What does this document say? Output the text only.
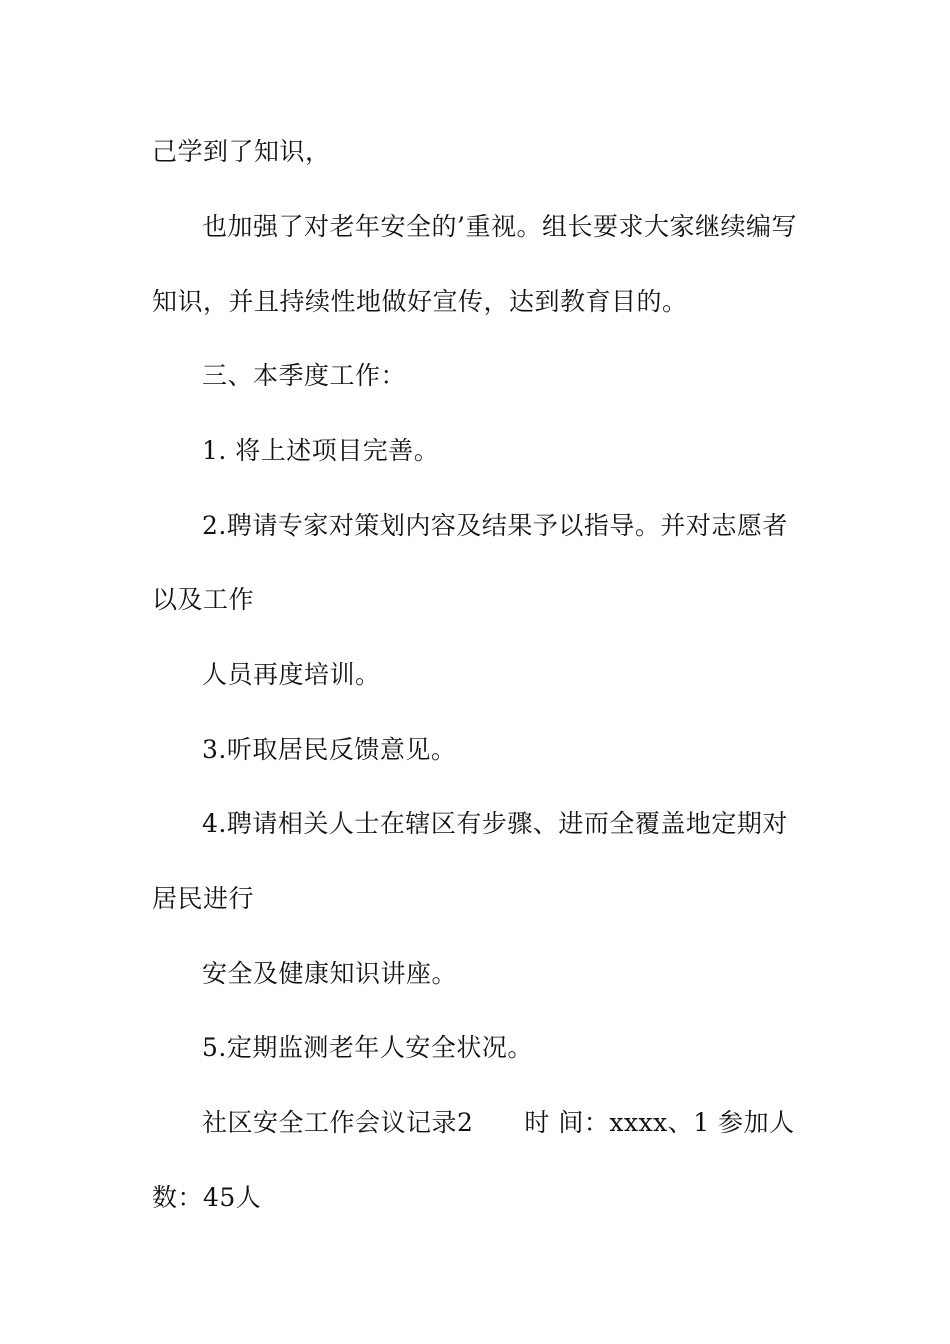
己学到了知识，
也加强了对老年安全的’重视。组长要求大家继续编写
知识，并且持续性地做好宣传，达到教育目的。
三、本季度工作：
1. 将上述项目完善。
2.聘请专家对策划内容及结果予以指导。并对志愿者
以及工作
人员再度培训。
3.听取居民反馈意见。
4.聘请相关人士在辖区有步骤、进而全覆盖地定期对
居民进行
安全及健康知识讲座。
5.定期监测老年人安全状况。
社区安全工作会议记录2　　时 间：xxxx、1 参加人
数：45人
